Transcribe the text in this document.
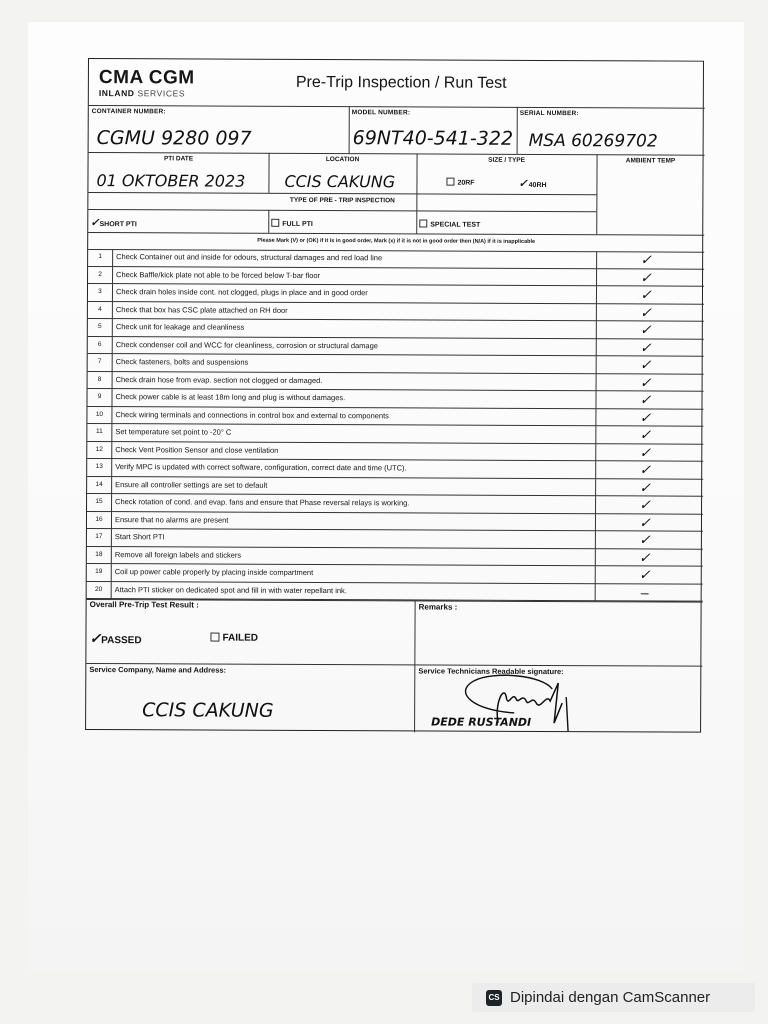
CMA CGM
INLAND SERVICES
Pre-Trip Inspection / Run Test
CONTAINER NUMBER:
CGMU 9280 097
MODEL NUMBER:
69NT40-541-322
SERIAL NUMBER:
MSA 60269702
PTI DATE
01 OKTOBER 2023
LOCATION
CCIS CAKUNG
SIZE / TYPE
20RF	✓40RH
AMBIENT TEMP
TYPE OF PRE - TRIP INSPECTION
✓SHORT PTI	FULL PTI	SPECIAL TEST
Please Mark (V) or (OK) if it is in good order, Mark (x) if it is not in good order then (N/A) if it is inapplicable
1	Check Container out and inside for odours, structural damages and red load line	✓
2	Check Baffle/kick plate not able to be forced below T-bar floor	✓
3	Check drain holes inside cont. not clogged, plugs in place and in good order	✓
4	Check that box has CSC plate attached on RH door	✓
5	Check unit for leakage and cleanliness	✓
6	Check condenser coil and WCC for cleanliness, corrosion or structural damage	✓
7	Check fasteners, bolts and suspensions	✓
8	Check drain hose from evap. section not clogged or damaged.	✓
9	Check power cable is at least 18m long and plug is without damages.	✓
10	Check wiring terminals and connections in control box and external to components	✓
11	Set temperature set point to -20° C	✓
12	Check Vent Position Sensor and close ventilation	✓
13	Verify MPC is updated with correct software, configuration, correct date and time (UTC).	✓
14	Ensure all controller settings are set to default	✓
15	Check rotation of cond. and evap. fans and ensure that Phase reversal relays is working.	✓
16	Ensure that no alarms are present	✓
17	Start Short PTI	✓
18	Remove all foreign labels and stickers	✓
19	Coil up power cable properly by placing inside compartment	✓
20	Attach PTI sticker on dedicated spot and fill in with water repellant ink.	–
Overall Pre-Trip Test Result :
✓PASSED	FAILED
Remarks :
Service Company, Name and Address:
CCIS CAKUNG
Service Technicians Readable signature:
DEDE RUSTANDI
CS Dipindai dengan CamScanner
